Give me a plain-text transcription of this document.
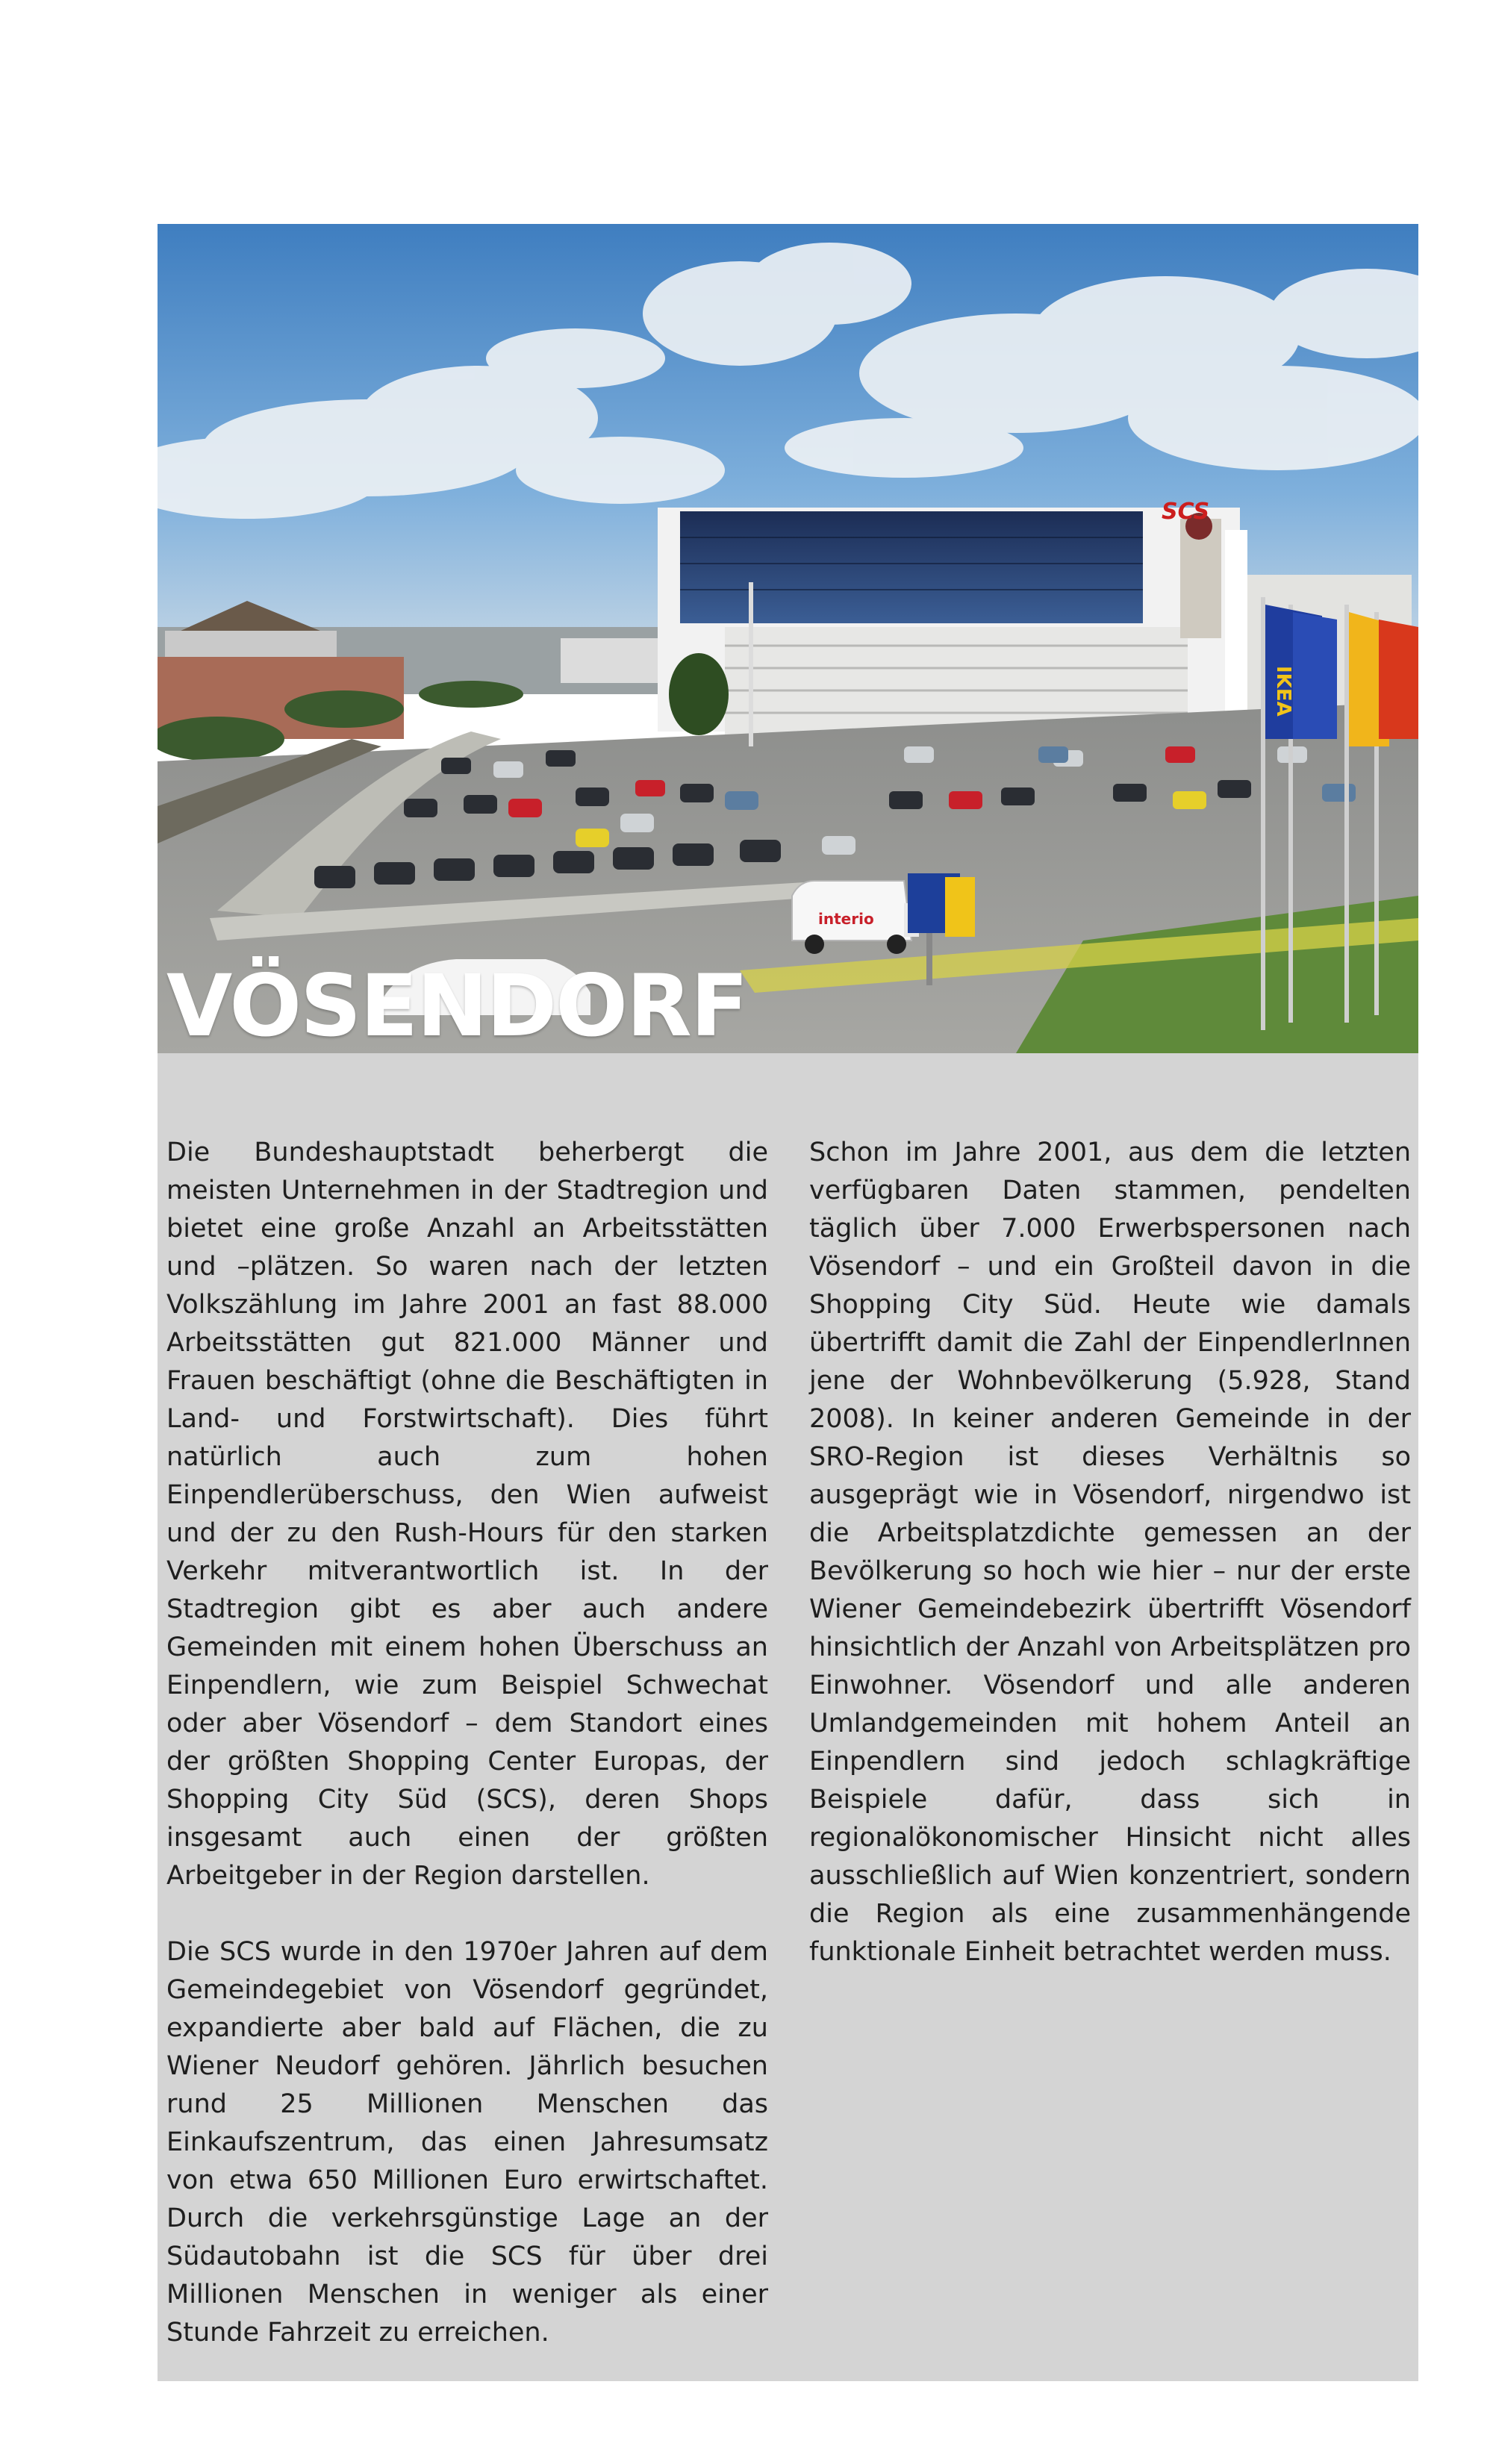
SCS
interio
IKEA
VÖSENDORF

Die Bundeshauptstadt beherbergt die meisten Unternehmen in der Stadtregion und bietet eine große Anzahl an Arbeitsstätten und –plätzen. So waren nach der letzten Volkszählung im Jahre 2001 an fast 88.000 Arbeitsstätten gut 821.000 Männer und Frauen beschäftigt (ohne die Beschäftigten in Land- und Forstwirtschaft). Dies führt natürlich auch zum hohen Einpendlerüberschuss, den Wien aufweist und der zu den Rush-Hours für den starken Verkehr mitverantwortlich ist. In der Stadtregion gibt es aber auch andere Gemeinden mit einem hohen Überschuss an Einpendlern, wie zum Beispiel Schwechat oder aber Vösendorf – dem Standort eines der größten Shopping Center Europas, der Shopping City Süd (SCS), deren Shops insgesamt auch einen der größten Arbeitgeber in der Region darstellen.

Die SCS wurde in den 1970er Jahren auf dem Gemeindegebiet von Vösendorf gegründet, expandierte aber bald auf Flächen, die zu Wiener Neudorf gehören. Jährlich besuchen rund 25 Millionen Menschen das Einkaufszentrum, das einen Jahresumsatz von etwa 650 Millionen Euro erwirtschaftet. Durch die verkehrsgünstige Lage an der Südautobahn ist die SCS für über drei Millionen Menschen in weniger als einer Stunde Fahrzeit zu erreichen.

Schon im Jahre 2001, aus dem die letzten verfügbaren Daten stammen, pendelten täglich über 7.000 Erwerbspersonen nach Vösendorf – und ein Großteil davon in die Shopping City Süd. Heute wie damals übertrifft damit die Zahl der EinpendlerInnen jene der Wohnbevölkerung (5.928, Stand 2008). In keiner anderen Gemeinde in der SRO-Region ist dieses Verhältnis so ausgeprägt wie in Vösendorf, nirgendwo ist die Arbeitsplatzdichte gemessen an der Bevölkerung so hoch wie hier – nur der erste Wiener Gemeindebezirk übertrifft Vösendorf hinsichtlich der Anzahl von Arbeitsplätzen pro Einwohner. Vösendorf und alle anderen Umlandgemeinden mit hohem Anteil an Einpendlern sind jedoch schlagkräftige Beispiele dafür, dass sich in regionalökonomischer Hinsicht nicht alles ausschließlich auf Wien konzentriert, sondern die Region als eine zusammenhängende funktionale Einheit betrachtet werden muss.
